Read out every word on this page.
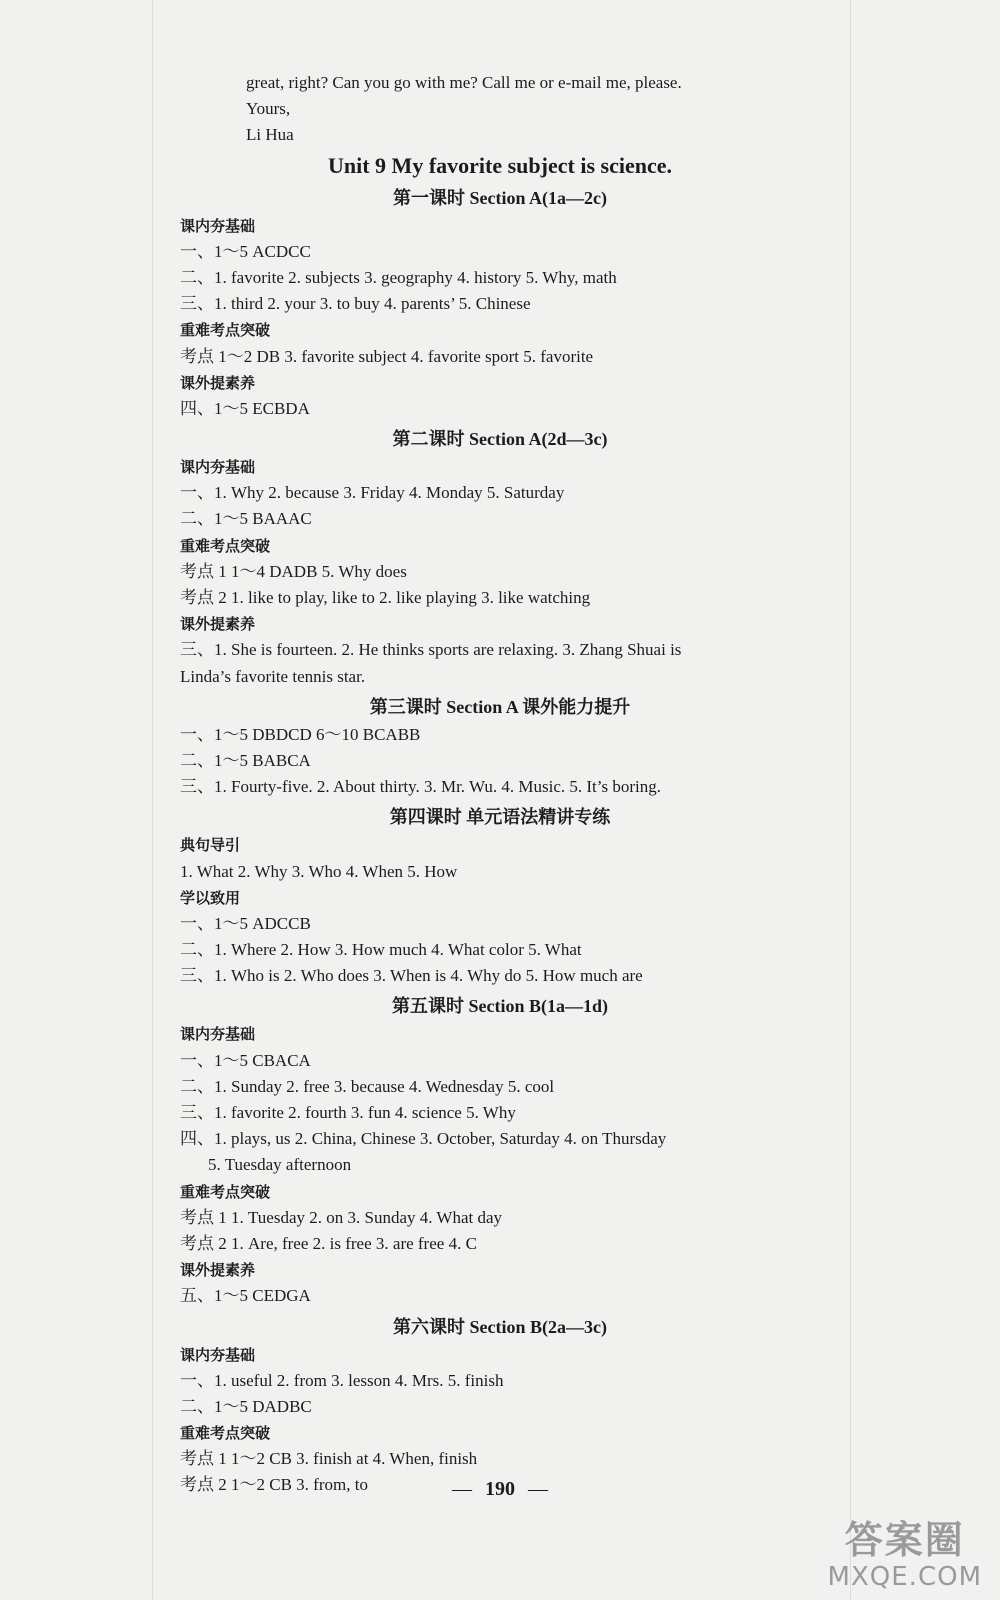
great, right? Can you go with me? Call me or e-mail me, please.
Yours,
Li Hua
Unit 9 My favorite subject is science.
第一课时 Section A(1a—2c)
课内夯基础
一、1～5 ACDCC
二、1. favorite 2. subjects 3. geography 4. history 5. Why, math
三、1. third 2. your 3. to buy 4. parents’ 5. Chinese
重难考点突破
考点 1～2 DB 3. favorite subject 4. favorite sport 5. favorite
课外提素养
四、1～5 ECBDA
第二课时 Section A(2d—3c)
课内夯基础
一、1. Why 2. because 3. Friday 4. Monday 5. Saturday
二、1～5 BAAAC
重难考点突破
考点 1 1～4 DADB 5. Why does
考点 2 1. like to play, like to 2. like playing 3. like watching
课外提素养
三、1. She is fourteen. 2. He thinks sports are relaxing. 3. Zhang Shuai is
Linda’s favorite tennis star.
第三课时 Section A 课外能力提升
一、1～5 DBDCD 6～10 BCABB
二、1～5 BABCA
三、1. Fourty-five. 2. About thirty. 3. Mr. Wu. 4. Music. 5. It’s boring.
第四课时 单元语法精讲专练
典句导引
1. What 2. Why 3. Who 4. When 5. How
学以致用
一、1～5 ADCCB
二、1. Where 2. How 3. How much 4. What color 5. What
三、1. Who is 2. Who does 3. When is 4. Why do 5. How much are
第五课时 Section B(1a—1d)
课内夯基础
一、1～5 CBACA
二、1. Sunday 2. free 3. because 4. Wednesday 5. cool
三、1. favorite 2. fourth 3. fun 4. science 5. Why
四、1. plays, us 2. China, Chinese 3. October, Saturday 4. on Thursday
5. Tuesday afternoon
重难考点突破
考点 1 1. Tuesday 2. on 3. Sunday 4. What day
考点 2 1. Are, free 2. is free 3. are free 4. C
课外提素养
五、1～5 CEDGA
第六课时 Section B(2a—3c)
课内夯基础
一、1. useful 2. from 3. lesson 4. Mrs. 5. finish
二、1～5 DADBC
重难考点突破
考点 1 1～2 CB 3. finish at 4. When, finish
考点 2 1～2 CB 3. from, to	— 190 —
答案圈
MXQE.COM
